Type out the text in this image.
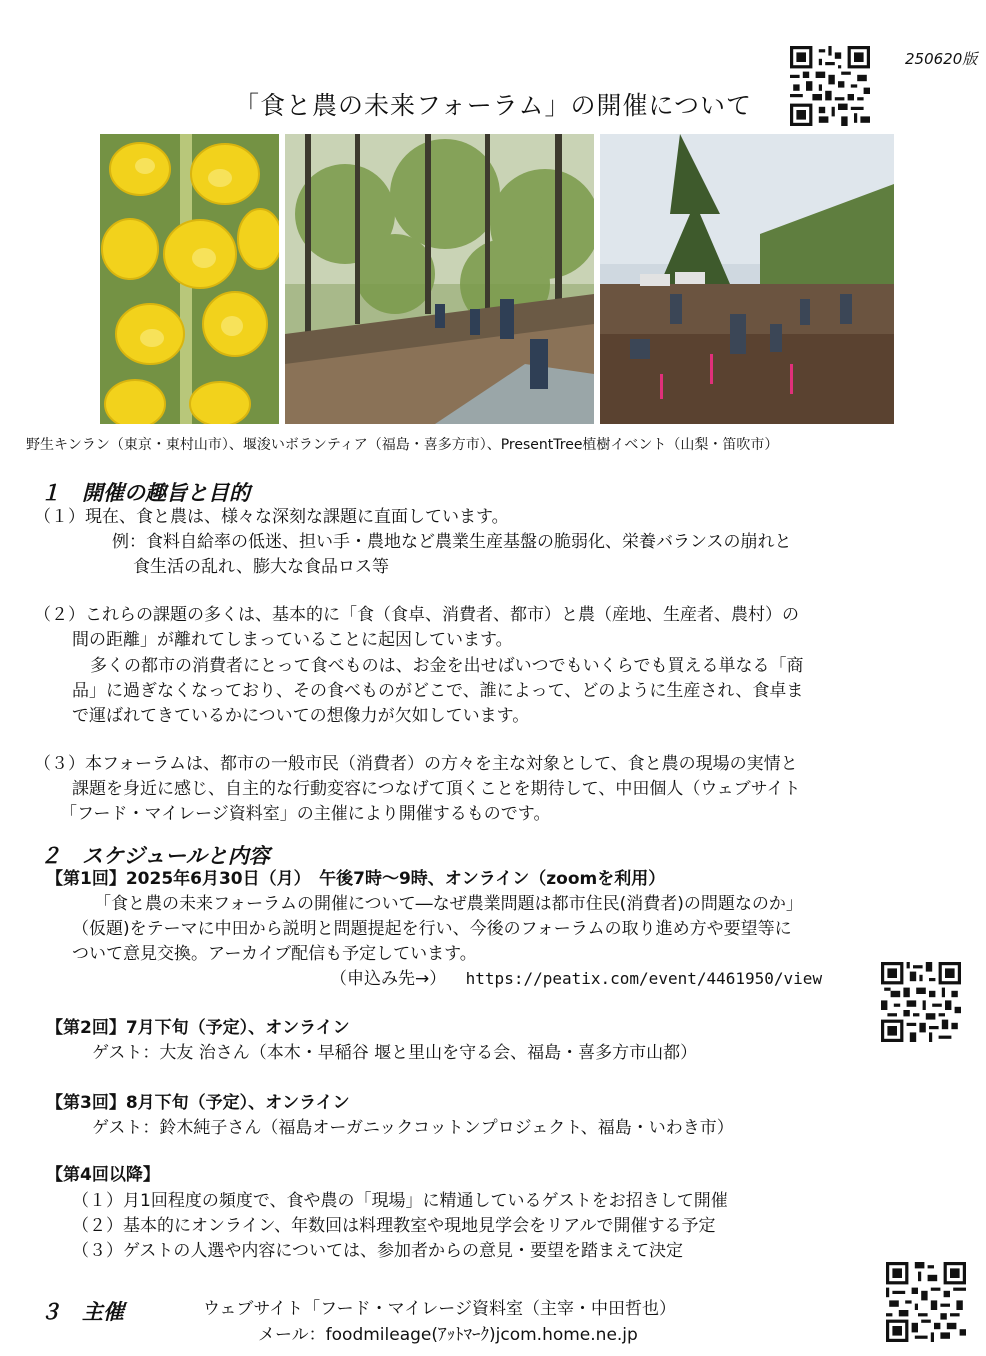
250620版
「食と農の未来フォーラム」の開催について
野生キンラン（東京・東村山市）、堰浚いボランティア（福島・喜多方市）、PresentTree植樹イベント（山梨・笛吹市）
１　開催の趣旨と目的
（１）現在、食と農は、様々な深刻な課題に直面しています。
例：食料自給率の低迷、担い手・農地など農業生産基盤の脆弱化、栄養バランスの崩れと
食生活の乱れ、膨大な食品ロス等
（２）これらの課題の多くは、基本的に「食（食卓、消費者、都市）と農（産地、生産者、農村）の
間の距離」が離れてしまっていることに起因しています。
多くの都市の消費者にとって食べものは、お金を出せばいつでもいくらでも買える単なる「商
品」に過ぎなくなっており、その食べものがどこで、誰によって、どのように生産され、食卓ま
で運ばれてきているかについての想像力が欠如しています。
（３）本フォーラムは、都市の一般市民（消費者）の方々を主な対象として、食と農の現場の実情と
課題を身近に感じ、自主的な行動変容につなげて頂くことを期待して、中田個人（ウェブサイト
「フード・マイレージ資料室」の主催により開催するものです。
２　スケジュールと内容
【第1回】2025年6月30日（月）　午後7時～9時、オンライン（zoomを利用）
「食と農の未来フォーラムの開催について―なぜ農業問題は都市住民(消費者)の問題なのか」
（仮題)をテーマに中田から説明と問題提起を行い、今後のフォーラムの取り進め方や要望等に
ついて意見交換。アーカイブ配信も予定しています。
（申込み先→） https://peatix.com/event/4461950/view
【第2回】7月下旬（予定）、オンライン
ゲスト：大友 治さん（本木・早稲谷 堰と里山を守る会、福島・喜多方市山都）
【第3回】8月下旬（予定）、オンライン
ゲスト：鈴木純子さん（福島オーガニックコットンプロジェクト、福島・いわき市）
【第4回以降】
（１）月1回程度の頻度で、食や農の「現場」に精通しているゲストをお招きして開催
（２）基本的にオンライン、年数回は料理教室や現地見学会をリアルで開催する予定
（３）ゲストの人選や内容については、参加者からの意見・要望を踏まえて決定
３　主催	ウェブサイト「フード・マイレージ資料室（主宰・中田哲也）
メール：foodmileage(ｱｯﾄﾏｰｸ)jcom.home.ne.jp
